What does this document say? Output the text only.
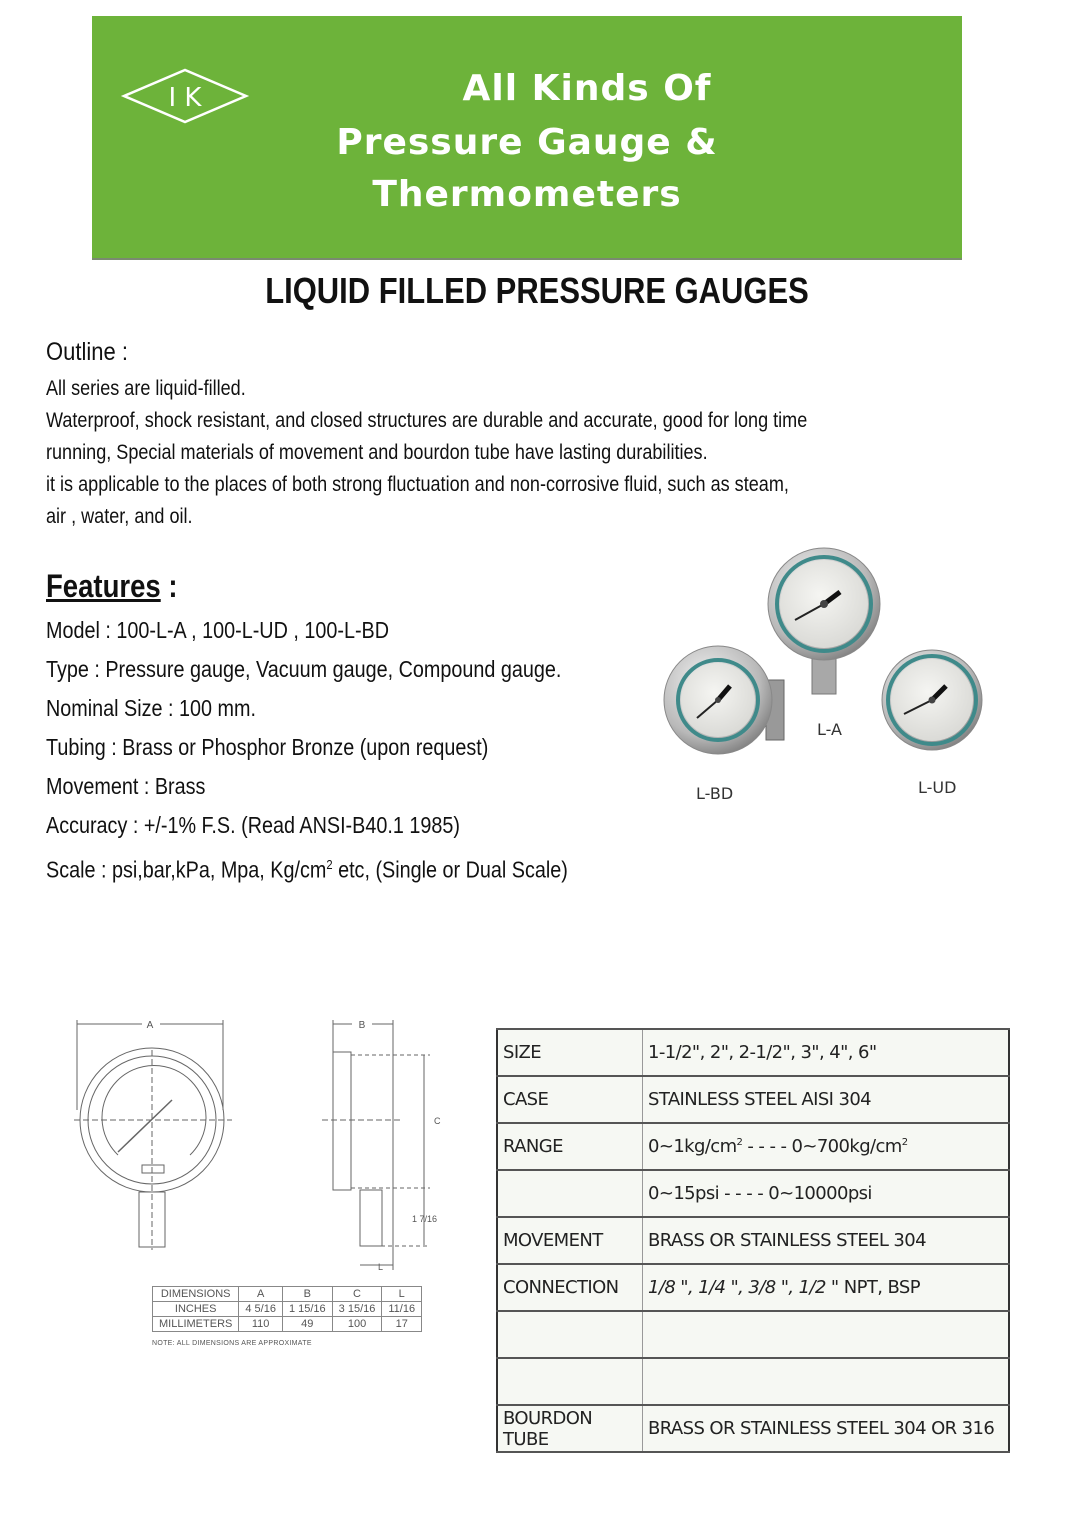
I K	All Kinds Of
Pressure Gauge &
Thermometers
LIQUID FILLED PRESSURE GAUGES
Outline :
All series are liquid-filled.
Waterproof, shock resistant, and closed structures are durable and accurate, good for long time
running, Special materials of movement and bourdon tube have lasting durabilities.
it is applicable to the places of both strong fluctuation and non-corrosive fluid, such as steam,
air , water, and oil.
Features :
Model : 100-L-A , 100-L-UD , 100-L-BD
Type : Pressure gauge, Vacuum gauge, Compound gauge.
Nominal Size : 100 mm.
Tubing : Brass or Phosphor Bronze (upon request)
Movement : Brass
Accuracy : +/-1% F.S. (Read ANSI-B40.1 1985)
Scale : psi,bar,kPa, Mpa, $Kg/cm^2$ etc, (Single or Dual Scale)
L-A
L-BD	L-UD
A	B
C
1 7/16
L
DIMENSIONS	A	B	C	L
INCHES	4 5/16	1 15/16	3 15/16	11/16
MILLIMETERS	110	49	100	17
NOTE: ALL DIMENSIONS ARE APPROXIMATE
SIZE	1-1/2", 2", 2-1/2", 3", 4", 6"
CASE	STAINLESS STEEL AISI 304
RANGE	$0\sim 1kg/cm^2$ - - - - $0\sim 700kg/cm^2$
	0~15psi - - - - 0~10000psi
MOVEMENT	BRASS OR STAINLESS STEEL 304
CONNECTION	1/8 ", 1/4 ", 3/8 ", 1/2 " NPT, BSP

BOURDON TUBE	BRASS OR STAINLESS STEEL 304 OR 316
